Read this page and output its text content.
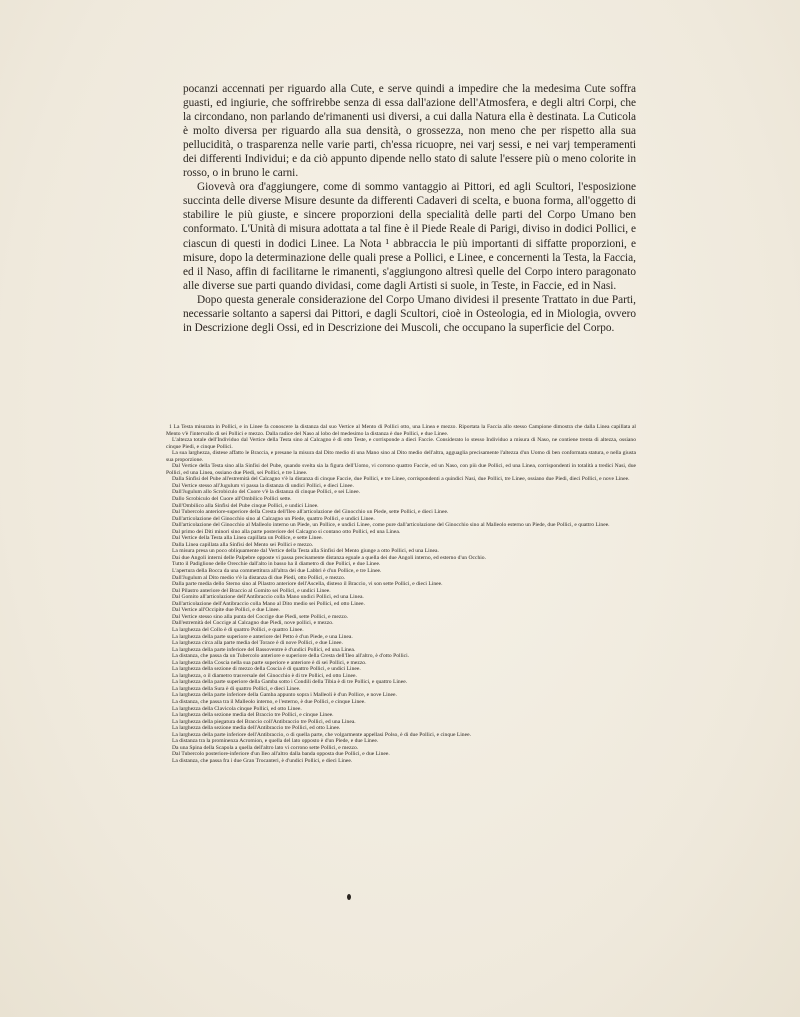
pocanzi accennati per riguardo alla Cute, e serve quindi a impedire che la medesima Cute soffra guasti, ed ingiurie, che soffrirebbe senza di essa dall'azione dell'Atmosfera, e degli altri Corpi, che la circondano, non parlando de'rimanenti usi diversi, a cui dalla Natura ella è destinata. La Cuticola è molto diversa per riguardo alla sua densità, o grossezza, non meno che per rispetto alla sua pellucidità, o trasparenza nelle varie parti, ch'essa ricuopre, nei varj sessi, e nei varj temperamenti dei differenti Individui; e da ciò appunto dipende nello stato di salute l'essere più o meno colorite in rosso, o in bruno le carni.

Giovevà ora d'aggiungere, come di sommo vantaggio ai Pittori, ed agli Scultori, l'esposizione succinta delle diverse Misure desunte da differenti Cadaveri di scelta, e buona forma, all'oggetto di stabilire le più giuste, e sincere proporzioni della specialità delle parti del Corpo Umano ben conformato. L'Unità di misura adottata a tal fine è il Piede Reale di Parigi, diviso in dodici Pollici, e ciascun di questi in dodici Linee. La Nota ¹ abbraccia le più importanti di siffatte proporzioni, e misure, dopo la determinazione delle quali prese a Pollici, e Linee, e concernenti la Testa, la Faccia, ed il Naso, affin di facilitarne le rimanenti, s'aggiungono altresì quelle del Corpo intero paragonato alle diverse sue parti quando dividasi, come dagli Artisti si suole, in Teste, in Faccie, ed in Nasi.

Dopo questa generale considerazione del Corpo Umano dividesi il presente Trattato in due Parti, necessarie soltanto a sapersi dai Pittori, e dagli Scultori, cioè in Osteologia, ed in Miologia, ovvero in Descrizione degli Ossi, ed in Descrizione dei Muscoli, che occupano la superficie del Corpo.

1 La Testa misurata in Pollici, e in Linee fa conoscere la distanza dal suo Vertice al Mento di Pollici otto, una Linea e mezzo. Riportata la Faccia allo stesso Campione dimostra che dalla Linea capillata al Mento v'è l'intervallo di sei Pollici e mezzo. Dalla radice del Naso al lobo del medesimo la distanza è due Pollici, e due Linee.

L'altezza totale dell'Individuo dal Vertice della Testa sino al Calcagno è di otto Teste, e corrisponde a dieci Faccie. Considerato lo stesso Individuo a misura di Naso, ne contiene trenta di altezza, ossiano cinque Piedi, e cinque Pollici.

La sua larghezza, distese affatto le Braccia, e presane la misura dal Dito medio di una Mano sino al Dito medio dell'altra, agguaglia precisamente l'altezza d'un Uomo di ben conformata statura, e nella giusta sua proporzione.

Dal Vertice della Testa sino alla Sinfisi del Pube, quando svelta sia la figura dell'Uomo, vi corrono quattro Faccie, ed un Naso, con più due Pollici, ed una Linea, corrispondenti in totalità a tredici Nasi, due Pollici, ed una Linea, ossiano due Piedi, sei Pollici, e tre Linee.

Dalla Sinfisi del Pube all'estremità del Calcagno v'è la distanza di cinque Faccie, due Pollici, e tre Linee, corrispondenti a quindici Nasi, due Pollici, tre Linee, ossiano due Piedi, dieci Pollici, e nove Linee.

Dal Vertice stesso all'Jugulum vi passa la distanza di undici Pollici, e dieci Linee.

Dall'Jugulum allo Scrobiculo del Cuore v'è la distanza di cinque Pollici, e sei Linee.

Dallo Scrobiculo del Cuore all'Ombilico Pollici sette.

Dall'Ombilico alla Sinfisi del Pube cinque Pollici, e undici Linee.

Dal Tubercolo anteriore-superiore della Cresta dell'Ileo all'articolazione del Ginocchio un Piede, sette Pollici, e dieci Linee.

Dall'articolazione del Ginocchio sino al Calcagno un Piede, quattro Pollici, e undici Linee.

Dall'articolazione del Ginocchio al Malleolo interno un Piede, un Pollice, e undici Linee, come pure dall'articolazione del Ginocchio sino al Malleolo esterno un Piede, due Pollici, e quattro Linee.

Dal primo dei Diti minori sino alla parte posteriore del Calcagno si contano otto Pollici, ed una Linea.

Dal Vertice della Testa alla Linea capillata un Pollice, e sette Linee.

Dalla Linea capillata alla Sinfisi del Mento sei Pollici e mezzo.

La misura presa un poco obliquamente dal Vertice della Testa alla Sinfisi del Mento giunge a otto Pollici, ed una Linea.

Dai due Angoli interni delle Palpebre opposte vi passa precisamente distanza eguale a quella dei due Angoli interno, ed esterno d'un Occhio.

Tutto il Padiglione delle Orecchie dall'alto in basso ha il diametro di due Pollici, e due Linee.

L'apertura della Bocca da una commettitura all'altra dei due Labbri è d'un Pollice, e tre Linee.

Dall'Jugulum al Dito medio v'è la distanza di due Piedi, otto Pollici, e mezzo.

Dalla parte media dello Sterno sino al Pilastro anteriore dell'Ascella, disteso il Braccio, vi son sette Pollici, e dieci Linee.

Dal Pilastro anteriore del Braccio al Gomito sei Pollici, e undici Linee.

Dal Gomito all'articolazione dell'Antibraccio colla Mano undici Pollici, ed una Linea.

Dall'articolazione dell'Antibraccio colla Mano al Dito medio sei Pollici, ed otto Linee.

Dal Vertice all'Occipite due Pollici, e due Linee.

Dal Vertice stesso sino alla punta del Coccige due Piedi, sette Pollici, e mezzo.

Dall'estremità del Coccige al Calcagno due Piedi, nove pollici, e mezzo.

La larghezza del Collo è di quattro Pollici, e quattro Linee.

La larghezza della parte superiore e anteriore del Petto è d'un Piede, e una Linea.

La larghezza circa alla parte media del Torace è di nove Pollici, e due Linee.

La larghezza della parte inferiore del Bassoventre è d'undici Pollici, ed una Linea.

La distanza, che passa da un Tubercolo anteriore e superiore della Cresta dell'Ileo all'altro, è d'otto Pollici.

La larghezza della Coscia nella sua parte superiore e anteriore è di sei Pollici, e mezzo.

La larghezza della sezione di mezzo della Coscia è di quattro Pollici, e undici Linee.

La larghezza, o il diametro trasversale del Ginocchio è di tre Pollici, ed otto Linee.

La larghezza della parte superiore della Gamba sotto i Condili della Tibia è di tre Pollici, e quattro Linee.

La larghezza della Sura è di quattro Pollici, e dieci Linee.

La larghezza della parte inferiore della Gamba appunto sopra i Malleoli è d'un Pollice, e nove Linee.

La distanza, che passa tra il Malleolo interno, e l'esterno, è due Pollici, e cinque Linee.

La larghezza della Clavicola cinque Pollici, ed otto Linee.

La larghezza della sezione media del Braccio tre Pollici, e cinque Linee.

La larghezza della piegatura del Braccio coll'Antibraccio tre Pollici, ed una Linea.

La larghezza della sezione media dell'Antibraccio tre Pollici, ed otto Linee.

La larghezza della parte inferiore dell'Antibraccio, o di quella parte, che volgarmente appellasi Polso, è di due Pollici, e cinque Linee.

La distanza tra la prominenza Acromion, e quella del lato opposto è d'un Piede, e due Linee.

Da una Spina della Scapola a quella dell'altro lato vi corrono sette Pollici, e mezzo.

Dal Tubercolo posteriore-inferiore d'un Ileo all'altro dalla banda opposta due Pollici, e due Linee.

La distanza, che passa fra i due Gran Trocanteri, è d'undici Pollici, e dieci Linee.
